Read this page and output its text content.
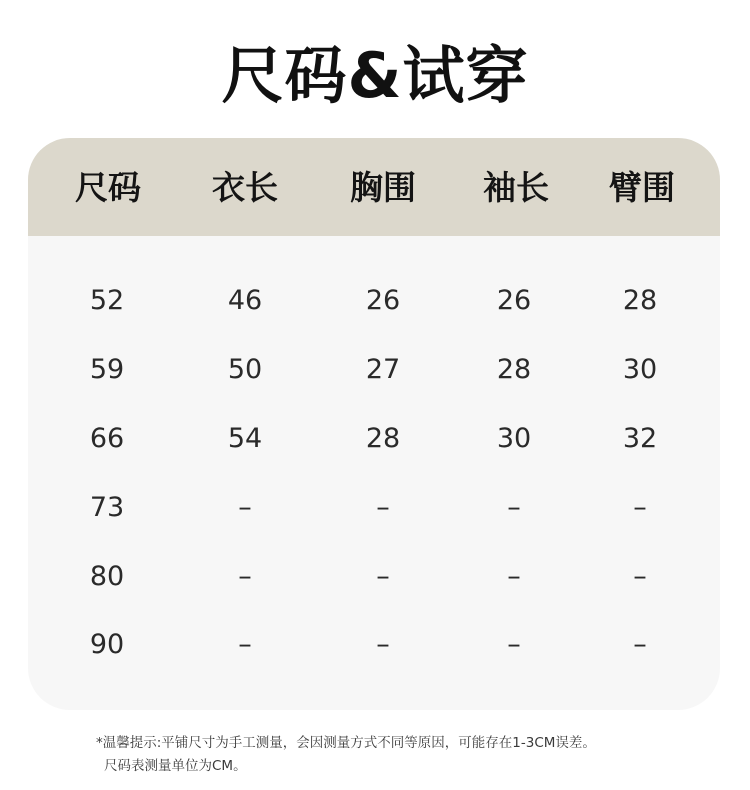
尺码&试穿
尺码	衣长	胸围	袖长	臂围
52	46	26	26	28
59	50	27	28	30
66	54	28	30	32
73	–	–	–	–
80	–	–	–	–
90	–	–	–	–
*温馨提示:平铺尺寸为手工测量，会因测量方式不同等原因，可能存在1-3CM误差。
尺码表测量单位为CM。
